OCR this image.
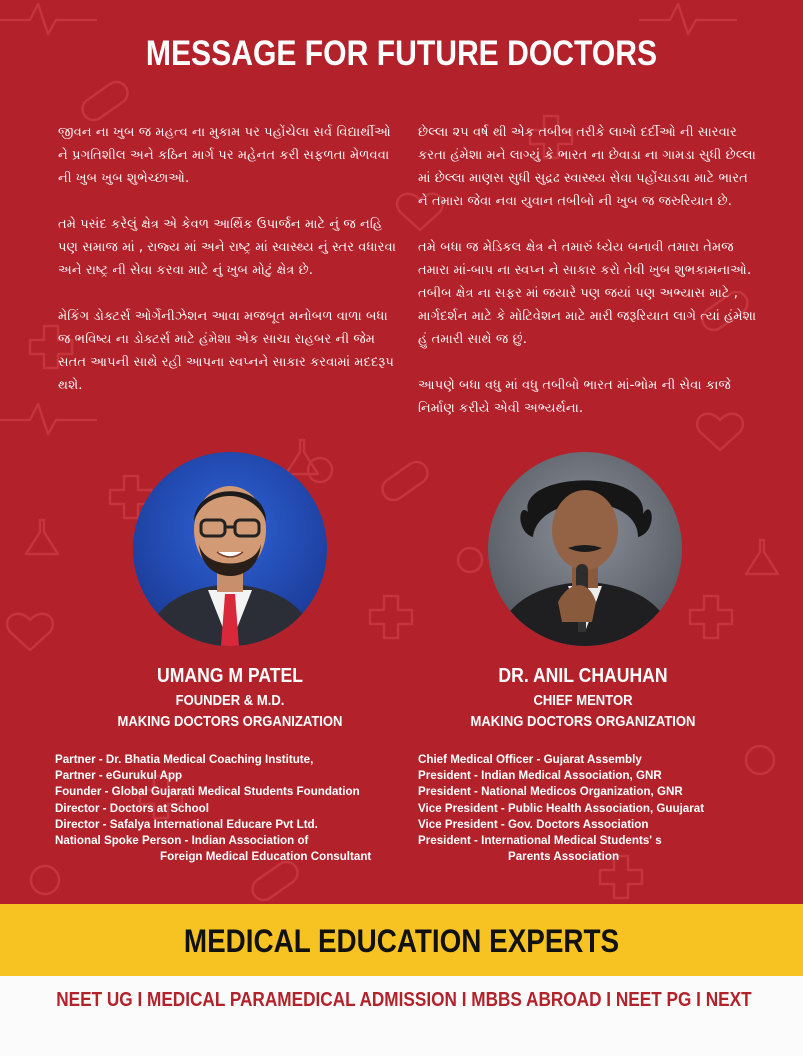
MESSAGE FOR FUTURE DOCTORS

જીવન ના ખુબ જ મહત્વ ના મુકામ પર પહોંચેલા સર્વ વિદ્યાર્થીઓ ને પ્રગતિશીલ અને કઠિન માર્ગ પર મહેનત કરી સફળતા મેળવવા ની ખુબ ખુબ શુભેચ્છાઓ.

તમે પસંદ કરેલું ક્ષેત્ર એ કેવળ આર્થિક ઉપાર્જન માટે નું જ નહિ પણ સમાજ માં , રાજ્ય માં અને રાષ્ટ્ર માં સ્વાસ્થ્ય નું સ્તર વધારવા અને રાષ્ટ્ર ની સેવા કરવા માટે નું ખુબ મોટું ક્ષેત્ર છે.

મેકિંગ ડોક્ટર્સ ઓર્ગેનીઝેશન આવા મજબૂત મનોબળ વાળા બધા જ ભવિષ્ય ના ડોક્ટર્સ માટે હંમેશા એક સાચા રાહબર ની જેમ સતત આપની સાથે રહી આપના સ્વપ્નને સાકાર કરવામાં મદદરૂપ થશે.

છેલ્લા ૨૫ વર્ષ થી એક તબીબ તરીકે લાખો દર્દીઓ ની સારવાર કરતા હંમેશા મને લાગ્યું કે ભારત ના છેવાડા ના ગામડા સુધી છેલ્લા માં છેલ્લા માણસ સુધી સુદ્રઢ સ્વાસ્થ્ય સેવા પહોંચાડવા માટે ભારત ને તમારા જેવા નવા યુવાન તબીબો ની ખુબ જ જરુરિયાત છે.

તમે બધા જ મેડિકલ ક્ષેત્ર ને તમારું ધ્યેય બનાવી તમારા તેમજ તમારા માં-બાપ ના સ્વપ્ન ને સાકાર કરો તેવી ખુબ શુભકામનાઓ. તબીબ ક્ષેત્ર ના સફર માં જયારે પણ જયાં પણ અભ્યાસ માટે , માર્ગદર્શન માટે કે મોટિવેશન માટે મારી જરૂરિયાત લાગે ત્યાં હંમેશા હું તમારી સાથે જ છું.

આપણે બધા વધુ માં વધુ તબીબો ભારત માં-ભોમ ની સેવા કાજે નિર્માણ કરીયે એવી અભ્યર્થના.

UMANG M PATEL
FOUNDER & M.D.
MAKING DOCTORS ORGANIZATION
DR. ANIL CHAUHAN
CHIEF MENTOR
MAKING DOCTORS ORGANIZATION
Partner - Dr. Bhatia Medical Coaching Institute,
Partner - eGurukul App
Founder - Global Gujarati Medical Students Foundation
Director - Doctors at School
Director - Safalya International Educare Pvt Ltd.
National Spoke Person - Indian Association of
Foreign Medical Education Consultant
Chief Medical Officer - Gujarat Assembly
President - Indian Medical Association, GNR
President - National Medicos Organization, GNR
Vice President - Public Health Association, Guujarat
Vice President - Gov. Doctors Association
President - International Medical Students' s
Parents Association
MEDICAL EDUCATION EXPERTS
NEET UG I MEDICAL PARAMEDICAL ADMISSION I MBBS ABROAD I NEET PG I NEXT
